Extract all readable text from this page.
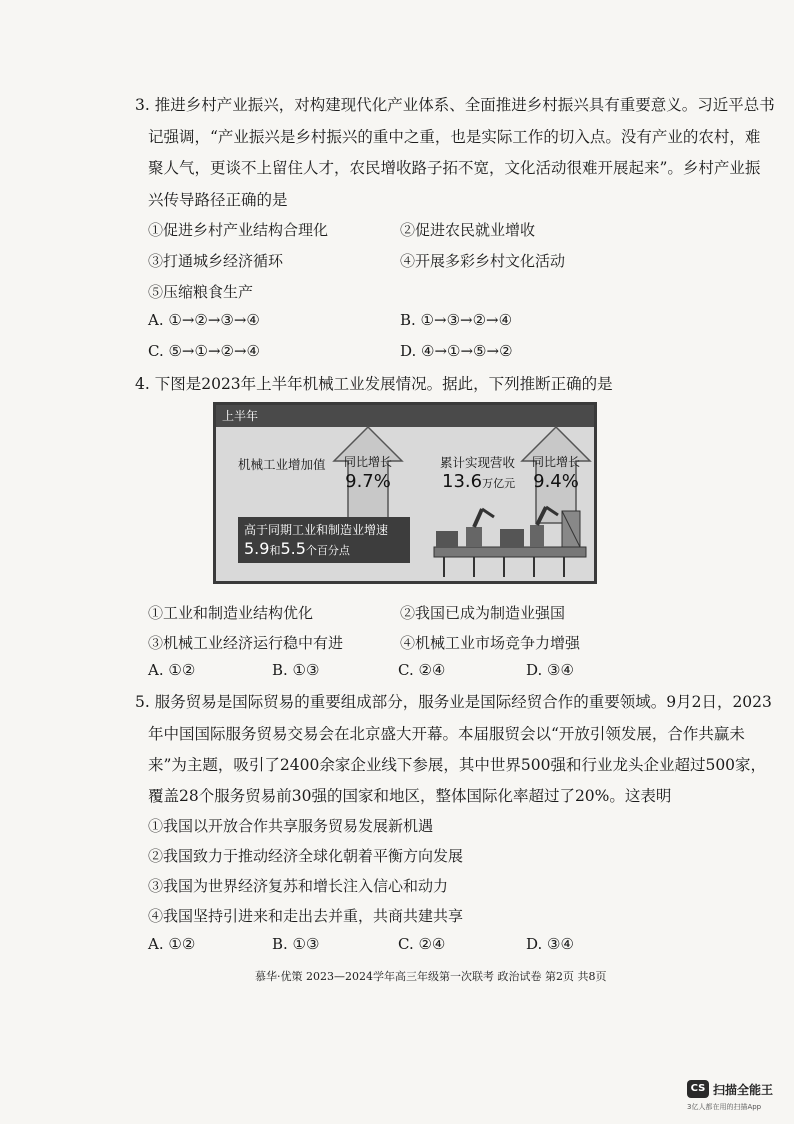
3. 推进乡村产业振兴，对构建现代化产业体系、全面推进乡村振兴具有重要意义。习近平总书
记强调，“产业振兴是乡村振兴的重中之重，也是实际工作的切入点。没有产业的农村，难
聚人气，更谈不上留住人才，农民增收路子拓不宽，文化活动很难开展起来”。乡村产业振
兴传导路径正确的是
①促进乡村产业结构合理化	②促进农民就业增收
③打通城乡经济循环	④开展多彩乡村文化活动
⑤压缩粮食生产
A. ①→②→③→④	B. ①→③→②→④
C. ⑤→①→②→④	D. ④→①→⑤→②
4. 下图是2023年上半年机械工业发展情况。据此，下列推断正确的是
上半年
同比增长
9.7%
机械工业增加值	累计实现营收
13.6万亿元
同比增长
9.4%
高于同期工业和制造业增速
5.9和5.5个百分点
①工业和制造业结构优化	②我国已成为制造业强国
③机械工业经济运行稳中有进	④机械工业市场竞争力增强
A. ①②	B. ①③	C. ②④	D. ③④
5. 服务贸易是国际贸易的重要组成部分，服务业是国际经贸合作的重要领域。9月2日，2023
年中国国际服务贸易交易会在北京盛大开幕。本届服贸会以“开放引领发展，合作共赢未
来”为主题，吸引了2400余家企业线下参展，其中世界500强和行业龙头企业超过500家，
覆盖28个服务贸易前30强的国家和地区，整体国际化率超过了20%。这表明
①我国以开放合作共享服务贸易发展新机遇
②我国致力于推动经济全球化朝着平衡方向发展
③我国为世界经济复苏和增长注入信心和动力
④我国坚持引进来和走出去并重，共商共建共享
A. ①②	B. ①③	C. ②④	D. ③④
慕华·优策 2023—2024学年高三年级第一次联考 政治试卷 第2页 共8页
CS 扫描全能王
3亿人都在用的扫描App
